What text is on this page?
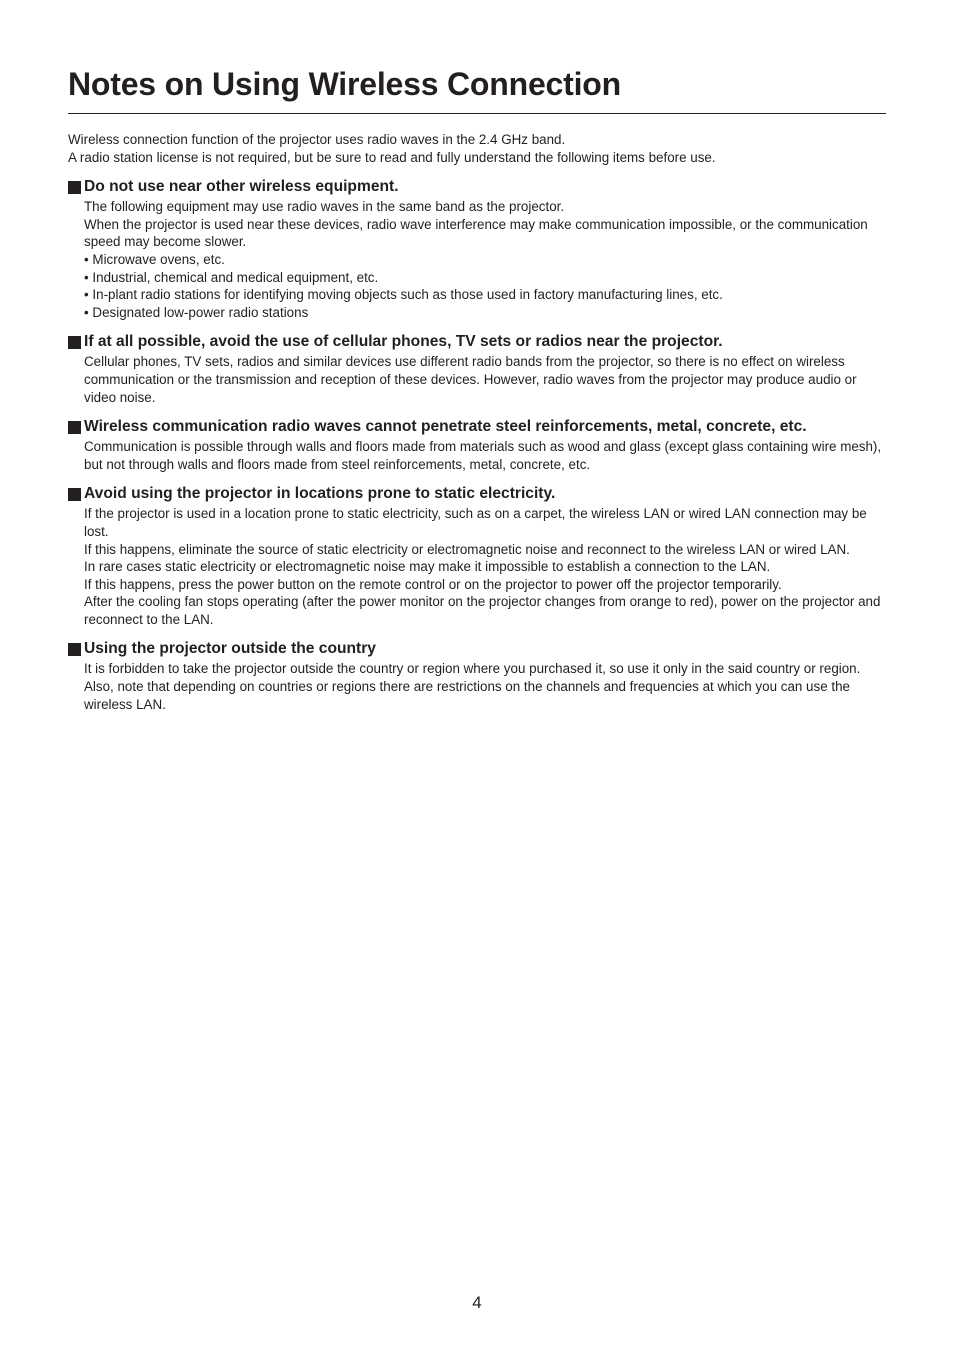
Notes on Using Wireless Connection

Wireless connection function of the projector uses radio waves in the 2.4 GHz band.

A radio station license is not required, but be sure to read and fully understand the following items before use.

Do not use near other wireless equipment.

The following equipment may use radio waves in the same band as the projector.

When the projector is used near these devices, radio wave interference may make communication impossible, or the communication speed may become slower.

• Microwave ovens, etc.
• Industrial, chemical and medical equipment, etc.
• In-plant radio stations for identifying moving objects such as those used in factory manufacturing lines, etc.
• Designated low-power radio stations
If at all possible, avoid the use of cellular phones, TV sets or radios near the projector.

Cellular phones, TV sets, radios and similar devices use different radio bands from the projector, so there is no effect on wireless communication or the transmission and reception of these devices. However, radio waves from the projector may produce audio or video noise.

Wireless communication radio waves cannot penetrate steel reinforcements, metal, concrete, etc.

Communication is possible through walls and floors made from materials such as wood and glass (except glass containing wire mesh), but not through walls and floors made from steel reinforcements, metal, concrete, etc.

Avoid using the projector in locations prone to static electricity.

If the projector is used in a location prone to static electricity, such as on a carpet, the wireless LAN or wired LAN connection may be lost.

If this happens, eliminate the source of static electricity or electromagnetic noise and reconnect to the wireless LAN or wired LAN.

In rare cases static electricity or electromagnetic noise may make it impossible to establish a connection to the LAN.

If this happens, press the power button on the remote control or on the projector to power off the projector temporarily.

After the cooling fan stops operating (after the power monitor on the projector changes from orange to red), power on the projector and reconnect to the LAN.

Using the projector outside the country

It is forbidden to take the projector outside the country or region where you purchased it, so use it only in the said country or region. Also, note that depending on countries or regions there are restrictions on the channels and frequencies at which you can use the wireless LAN.

4
